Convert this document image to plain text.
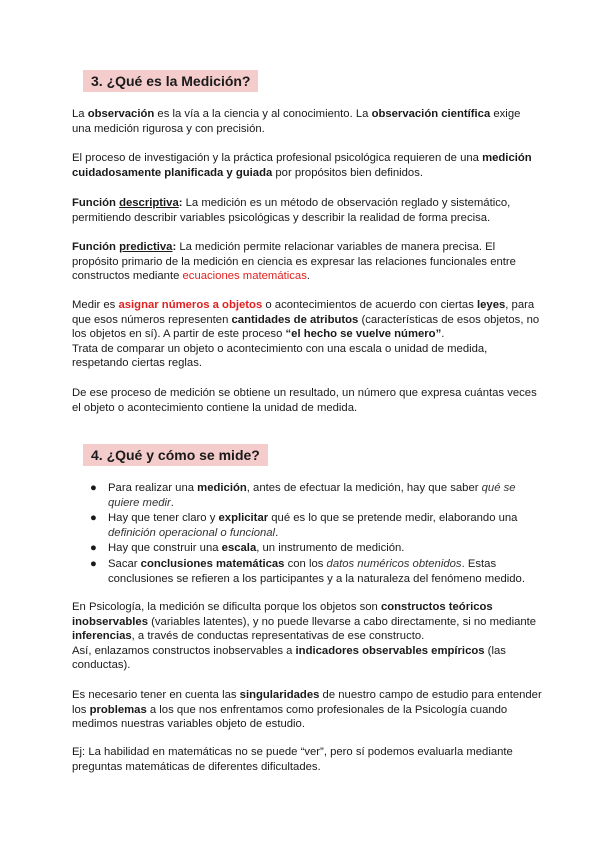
3. ¿Qué es la Medición?

La observación es la vía a la ciencia y al conocimiento. La observación científica exige una medición rigurosa y con precisión.

El proceso de investigación y la práctica profesional psicológica requieren de una medición cuidadosamente planificada y guiada por propósitos bien definidos.

Función descriptiva: La medición es un método de observación reglado y sistemático, permitiendo describir variables psicológicas y describir la realidad de forma precisa.

Función predictiva: La medición permite relacionar variables de manera precisa. El propósito primario de la medición en ciencia es expresar las relaciones funcionales entre constructos mediante ecuaciones matemáticas.

Medir es asignar números a objetos o acontecimientos de acuerdo con ciertas leyes, para que esos números representen cantidades de atributos (características de esos objetos, no los objetos en sí). A partir de este proceso “el hecho se vuelve número”.
Trata de comparar un objeto o acontecimiento con una escala o unidad de medida, respetando ciertas reglas.

De ese proceso de medición se obtiene un resultado, un número que expresa cuántas veces el objeto o acontecimiento contiene la unidad de medida.

4. ¿Qué y cómo se mide?
● Para realizar una medición, antes de efectuar la medición, hay que saber qué se quiere medir.
● Hay que tener claro y explicitar qué es lo que se pretende medir, elaborando una definición operacional o funcional.
● Hay que construir una escala, un instrumento de medición.
● Sacar conclusiones matemáticas con los datos numéricos obtenidos. Estas conclusiones se refieren a los participantes y a la naturaleza del fenómeno medido.

En Psicología, la medición se dificulta porque los objetos son constructos teóricos inobservables (variables latentes), y no puede llevarse a cabo directamente, si no mediante inferencias, a través de conductas representativas de ese constructo.
Así, enlazamos constructos inobservables a indicadores observables empíricos (las conductas).

Es necesario tener en cuenta las singularidades de nuestro campo de estudio para entender los problemas a los que nos enfrentamos como profesionales de la Psicología cuando medimos nuestras variables objeto de estudio.

Ej: La habilidad en matemáticas no se puede “ver”, pero sí podemos evaluarla mediante preguntas matemáticas de diferentes dificultades.
